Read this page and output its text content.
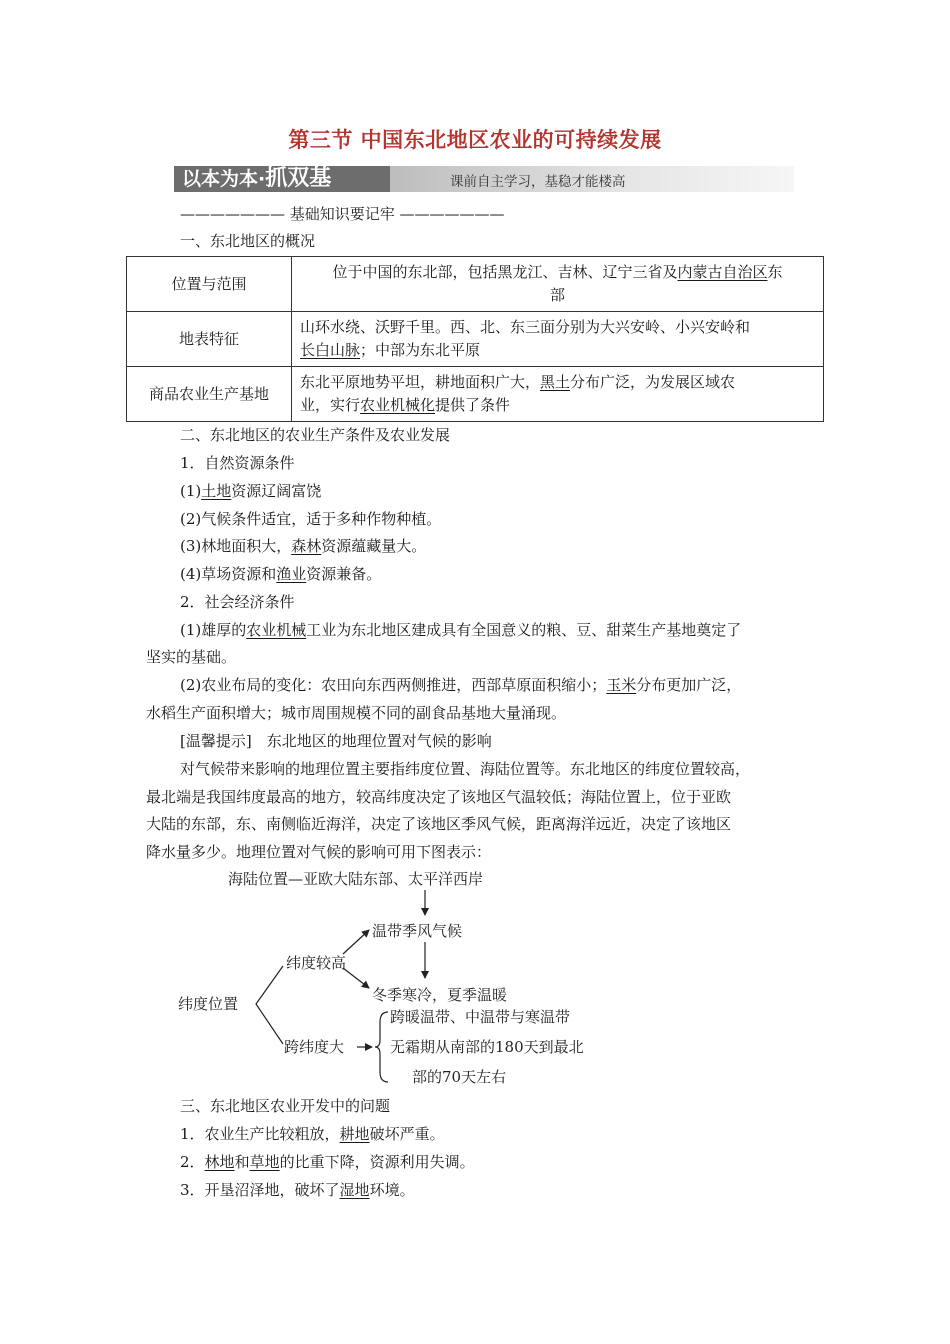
第三节 中国东北地区农业的可持续发展
以本为本·抓双基	课前自主学习，基稳才能楼高
——————— 基础知识要记牢 ———————
一、东北地区的概况
位置与范围	位于中国的东北部，包括黑龙江、吉林、辽宁三省及内蒙古自治区东
部

地表特征	山环水绕、沃野千里。西、北、东三面分别为大兴安岭、小兴安岭和
长白山脉；中部为东北平原

商品农业生产基地	东北平原地势平坦，耕地面积广大，黑土分布广泛，为发展区域农
业，实行农业机械化提供了条件
二、东北地区的农业生产条件及农业发展
1．自然资源条件
(1)土地资源辽阔富饶
(2)气候条件适宜，适于多种作物种植。
(3)林地面积大，森林资源蕴藏量大。
(4)草场资源和渔业资源兼备。
2．社会经济条件
(1)雄厚的农业机械工业为东北地区建成具有全国意义的粮、豆、甜菜生产基地奠定了
坚实的基础。
(2)农业布局的变化：农田向东西两侧推进，西部草原面积缩小；玉米分布更加广泛，
水稻生产面积增大；城市周围规模不同的副食品基地大量涌现。
[温馨提示]　东北地区的地理位置对气候的影响
对气候带来影响的地理位置主要指纬度位置、海陆位置等。东北地区的纬度位置较高，
最北端是我国纬度最高的地方，较高纬度决定了该地区气温较低；海陆位置上，位于亚欧
大陆的东部，东、南侧临近海洋，决定了该地区季风气候，距离海洋远近，决定了该地区
降水量多少。地理位置对气候的影响可用下图表示：
海陆位置—亚欧大陆东部、太平洋西岸
温带季风气候
纬度较高
冬季寒冷，夏季温暖
纬度位置
跨纬度大
跨暖温带、中温带与寒温带
无霜期从南部的180天到最北
部的70天左右
三、东北地区农业开发中的问题
1．农业生产比较粗放，耕地破坏严重。
2．林地和草地的比重下降，资源利用失调。
3．开垦沼泽地，破坏了湿地环境。
